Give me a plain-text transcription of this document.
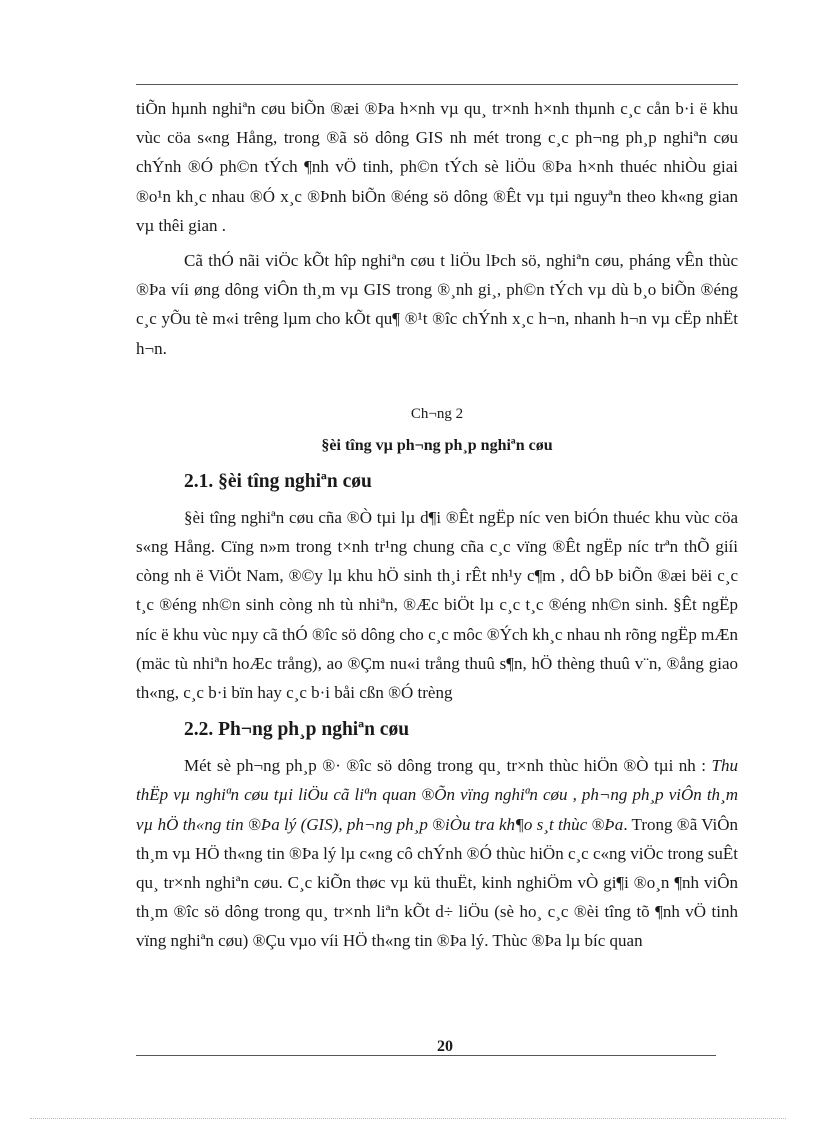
tiÕn hµnh nghiªn cøu biÕn ®æi ®Þa h×nh vµ qu¸ tr×nh h×nh thµnh c¸c cån b·i ë khu vùc cöa s«ng Hång, trong ®ã sö dông GIS nh mét trong c¸c ph¬ng ph¸p nghiªn cøu chÝnh ®Ó ph©n tÝch ¶nh vÖ tinh, ph©n tÝch sè liÖu ®Þa h×nh thuéc nhiÒu giai ®o¹n kh¸c nhau ®Ó x¸c ®Þnh biÕn ®éng sö dông ®Êt vµ tµi nguyªn theo kh«ng gian vµ thêi gian .

Cã thÓ nãi viÖc kÕt hîp nghiªn cøu t liÖu lÞch sö, nghiªn cøu, pháng vÊn thùc ®Þa víi øng dông viÔn th¸m vµ GIS trong ®¸nh gi¸, ph©n tÝch vµ dù b¸o biÕn ®éng c¸c yÕu tè m«i trêng lµm cho kÕt qu¶ ®¹t ®îc chÝnh x¸c h¬n, nhanh h¬n vµ cËp nhËt h¬n.

Ch¬ng 2

§èi tîng vµ ph¬ng ph¸p nghiªn cøu

2.1. §èi tîng nghiªn cøu

§èi tîng nghiªn cøu cña ®Ò tµi lµ d¶i ®Êt ngËp níc ven biÓn thuéc khu vùc cöa s«ng Hång. Cïng n»m trong t×nh tr¹ng chung cña c¸c vïng ®Êt ngËp níc trªn thÕ giíi còng nh ë ViÖt Nam, ®©y lµ khu hÖ sinh th¸i rÊt nh¹y c¶m , dÔ bÞ biÕn ®æi bëi c¸c t¸c ®éng nh©n sinh còng nh tù nhiªn, ®Æc biÖt lµ c¸c t¸c ®éng nh©n sinh. §Êt ngËp níc ë khu vùc nµy cã thÓ ®îc sö dông cho c¸c môc ®Ých kh¸c nhau nh rõng ngËp mÆn (mäc tù nhiªn hoÆc trång), ao ®Çm nu«i trång thuû s¶n, hÖ thèng thuû v¨n, ®ång giao th«ng, c¸c b·i bïn hay c¸c b·i båi cßn ®Ó trèng

2.2. Ph¬ng ph¸p nghiªn cøu

Mét sè ph¬ng ph¸p ®· ®îc sö dông trong qu¸ tr×nh thùc hiÖn ®Ò tµi nh : Thu thËp vµ nghiªn cøu tµi liÖu cã liªn quan ®Õn vïng nghiªn cøu , ph¬ng ph¸p viÔn th¸m vµ hÖ th«ng tin ®Þa lý (GIS), ph¬ng ph¸p ®iÒu tra kh¶o s¸t thùc ®Þa. Trong ®ã ViÔn th¸m vµ HÖ th«ng tin ®Þa lý lµ c«ng cô chÝnh ®Ó thùc hiÖn c¸c c«ng viÖc trong suÊt qu¸ tr×nh nghiªn cøu. C¸c kiÕn thøc vµ kü thuËt, kinh nghiÖm vÒ gi¶i ®o¸n ¶nh viÔn th¸m ®îc sö dông trong qu¸ tr×nh liªn kÕt d÷ liÖu (sè ho¸ c¸c ®èi tîng tõ ¶nh vÖ tinh vïng nghiªn cøu) ®Çu vµo víi HÖ th«ng tin ®Þa lý. Thùc ®Þa lµ bíc quan

20
